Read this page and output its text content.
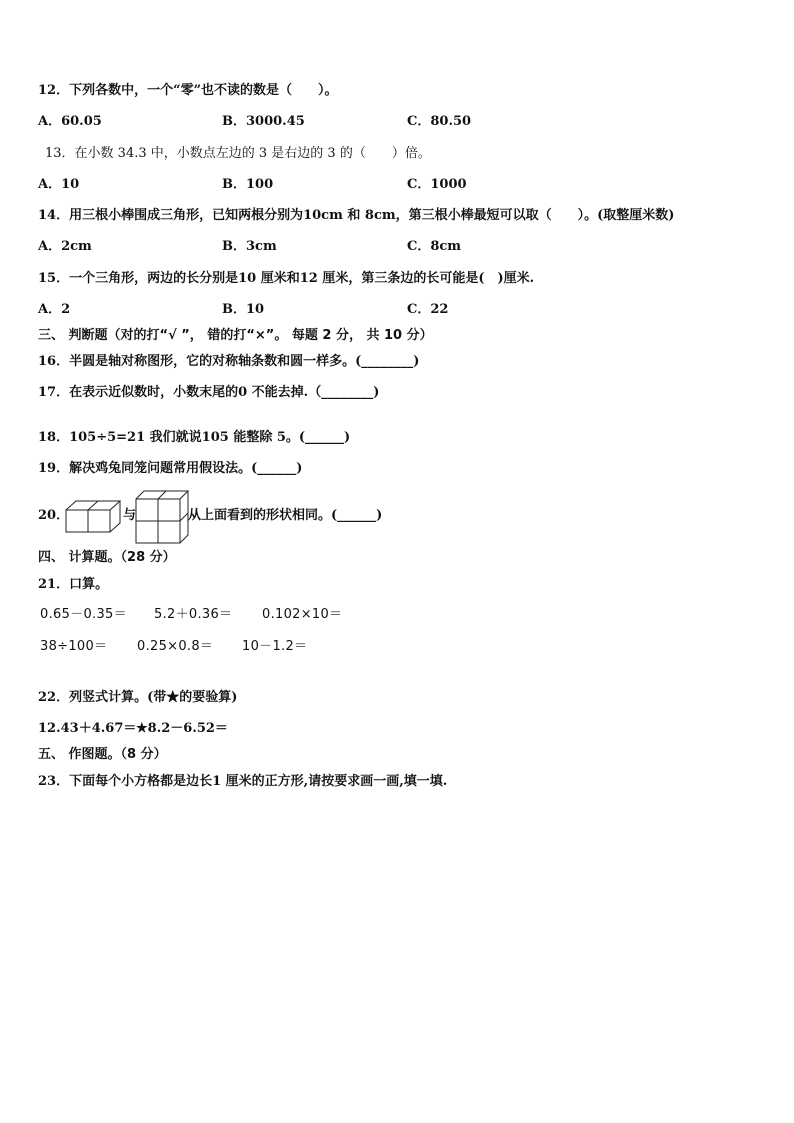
12．下列各数中，一个“零”也不读的数是（　　）。
A．60.05	B．3000.45	C．80.50
13．在小数 34.3 中，小数点左边的 3 是右边的 3 的（　　）倍。
A．10	B．100	C．1000
14．用三根小棒围成三角形，已知两根分别为10cm 和 8cm，第三根小棒最短可以取（　　）。(取整厘米数)
A．2cm	B．3cm	C．8cm
15．一个三角形，两边的长分别是10 厘米和12 厘米，第三条边的长可能是(　)厘米.
A．2	B．10	C．22
三、 判断题（对的打“√ ”， 错的打“×”。 每题 2 分， 共 10 分）
16．半圆是轴对称图形，它的对称轴条数和圆一样多。(________)
17．在表示近似数时，小数末尾的0 不能去掉.（________)
18．105÷5=21 我们就说105 能整除 5。(______)
19．解决鸡兔同笼问题常用假设法。(______)
20．	与	从上面看到的形状相同。(______)
四、 计算题。（28 分）
21．口算。
0.65－0.35＝ 5.2＋0.36＝ 0.102×10＝
38÷100＝ 0.25×0.8＝ 10－1.2＝
22．列竖式计算。(带★的要验算)
12.43＋4.67＝ ★8.2－6.52＝
五、 作图题。（8 分）
23．下面每个小方格都是边长1 厘米的正方形,请按要求画一画,填一填.
